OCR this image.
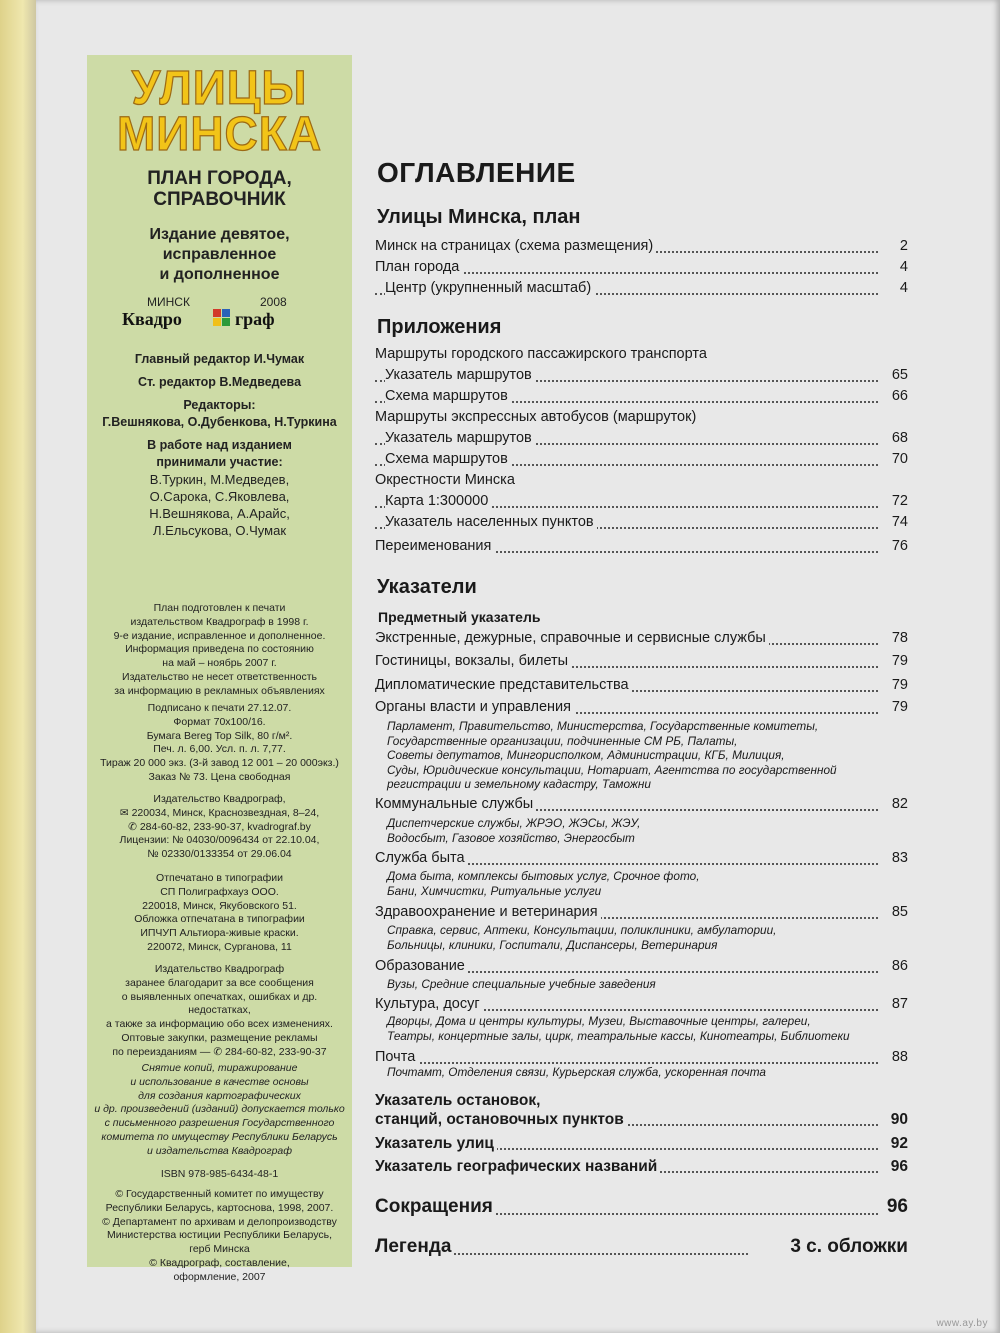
УЛИЦЫ
МИНСКА
ПЛАН ГОРОДА,
СПРАВОЧНИК
Издание девятое,
исправленное
и дополненное
МИНСК	2008
Квадро	граф

Главный редактор И.Чумак

Ст. редактор В.Медведева

Редакторы:

Г.Вешнякова, О.Дубенкова, Н.Туркина

В работе над изданием

принимали участие:

В.Туркин, М.Медведев,

О.Сарока, С.Яковлева,

Н.Вешнякова, А.Арайс,

Л.Ельсукова, О.Чумак

План подготовлен к печати

издательством Квадрограф в 1998 г.

9-е издание, исправленное и дополненное.

Информация приведена по состоянию

на май – ноябрь 2007 г.

Издательство не несет ответственность

за информацию в рекламных объявлениях

Подписано к печати 27.12.07.

Формат 70x100/16.

Бумага Bereg Top Silk, 80 г/м².

Печ. л. 6,00. Усл. п. л. 7,77.

Тираж 20 000 экз. (3-й завод 12 001 – 20 000экз.)

Заказ № 73. Цена свободная

Издательство Квадрограф,

✉ 220034, Минск, Краснозвездная, 8–24,

✆ 284-60-82, 233-90-37, kvadrograf.by

Лицензии: № 04030/0096434 от 22.10.04,

№ 02330/0133354 от 29.06.04

Отпечатано в типографии

СП Полиграфхауз ООО.

220018, Минск, Якубовского 51.

Обложка отпечатана в типографии

ИПЧУП Альтиора-живые краски.

220072, Минск, Сурганова, 11

Издательство Квадрограф

заранее благодарит за все сообщения

о выявленных опечатках, ошибках и др.

недостатках,

а также за информацию обо всех изменениях.

Оптовые закупки, размещение рекламы

по переизданиям — ✆ 284-60-82, 233-90-37

Снятие копий, тиражирование

и использование в качестве основы

для создания картографических

и др. произведений (изданий) допускается только

с письменного разрешения Государственного

комитета по имуществу Республики Беларусь

и издательства Квадрограф

ISBN 978-985-6434-48-1

© Государственный комитет по имуществу

Республики Беларусь, картоснова, 1998, 2007.

© Департамент по архивам и делопроизводству

Министерства юстиции Республики Беларусь,

герб Минска

© Квадрограф, составление,

оформление, 2007

ОГЛАВЛЕНИЕ
Улицы Минска, план
Минск на страницах (схема размещения)	2
План города	4
Центр (укрупненный масштаб)	4
Приложения
Маршруты городского пассажирского транспорта
Указатель маршрутов	65
Схема маршрутов	66
Маршруты экспрессных автобусов (маршруток)
Указатель маршрутов	68
Схема маршрутов	70
Окрестности Минска
Карта 1:300000	72
Указатель населенных пунктов	74
Переименования	76
Указатели
Предметный указатель
Экстренные, дежурные, справочные и сервисные службы	78
Гостиницы, вокзалы, билеты	79
Дипломатические представительства	79
Органы власти и управления	79

Парламент, Правительство, Министерства, Государственные комитеты,

Государственные организации, подчиненные СМ РБ, Палаты,

Советы депутатов, Мингорисполком, Администрации, КГБ, Милиция,

Суды, Юридические консультации, Нотариат, Агентства по государственной

регистрации и земельному кадастру, Таможни

Коммунальные службы	82

Диспетчерские службы, ЖРЭО, ЖЭСы, ЖЭУ,

Водосбыт, Газовое хозяйство, Энергосбыт

Служба быта	83

Дома быта, комплексы бытовых услуг, Срочное фото,

Бани, Химчистки, Ритуальные услуги

Здравоохранение и ветеринария	85

Справка, сервис, Аптеки, Консультации, поликлиники, амбулатории,

Больницы, клиники, Госпитали, Диспансеры, Ветеринария

Образование	86

Вузы, Средние специальные учебные заведения

Культура, досуг	87

Дворцы, Дома и центры культуры, Музеи, Выставочные центры, галереи,

Театры, концертные залы, цирк, театральные кассы, Кинотеатры, Библиотеки

Почта	88

Почтамт, Отделения связи, Курьерская служба, ускоренная почта

Указатель остановок,
станций, остановочных пунктов	90
Указатель улиц	92
Указатель географических названий	96
Сокращения	96
Легенда	3 с. обложки
www.ay.by
